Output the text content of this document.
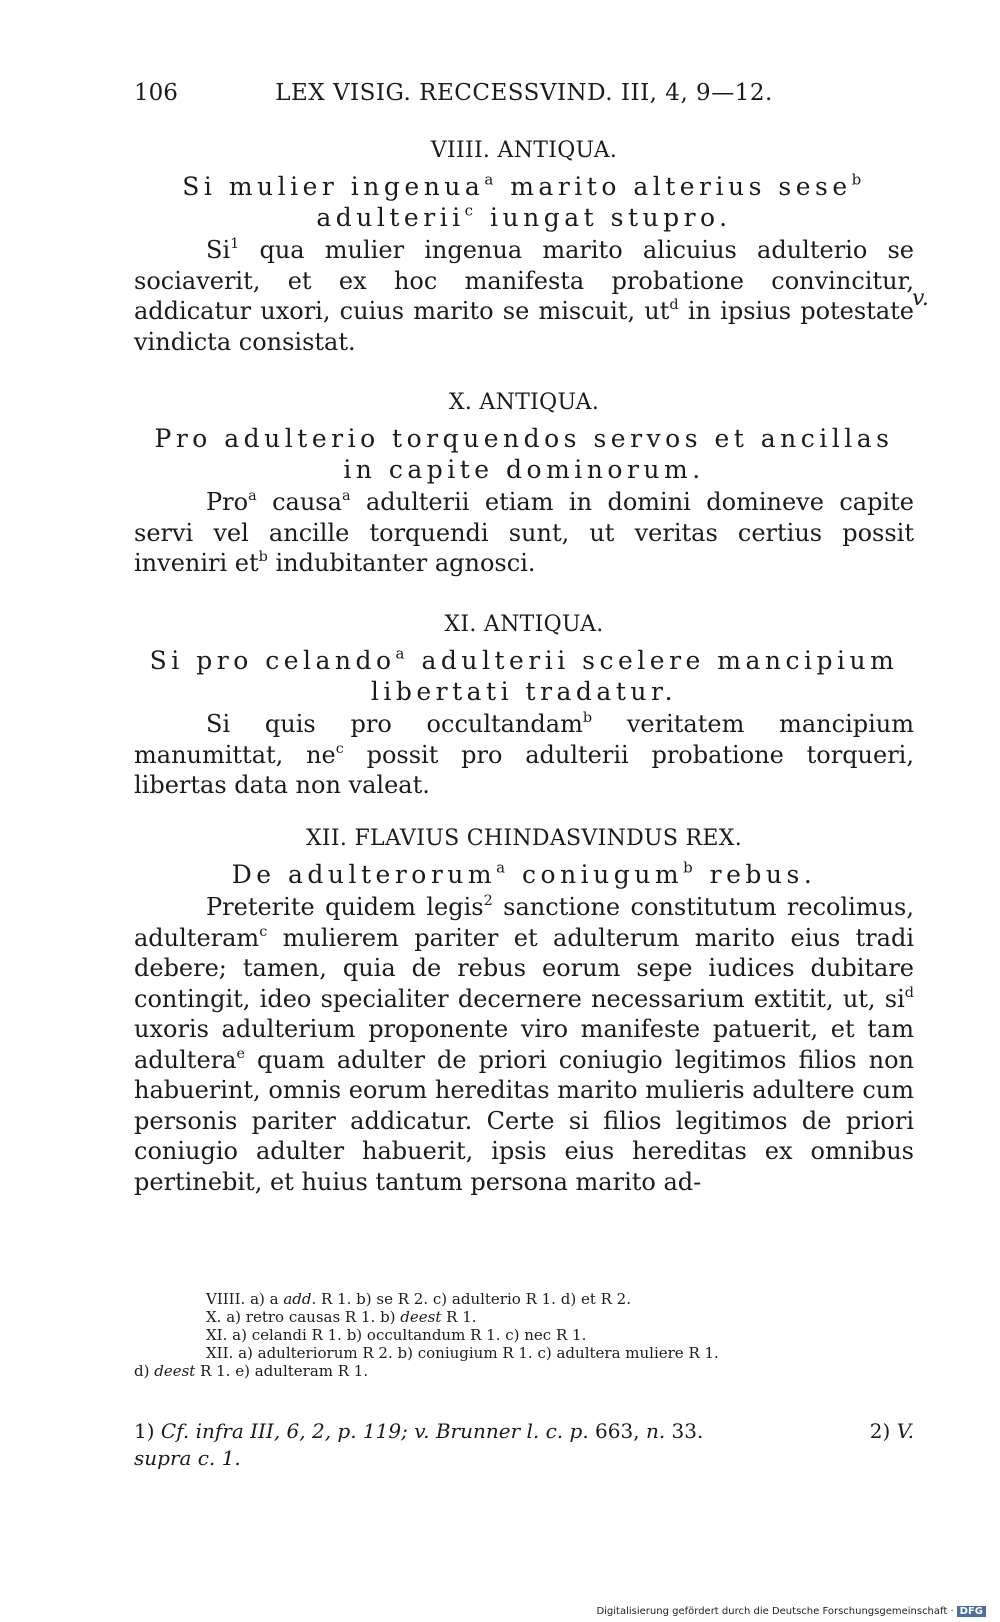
106	LEX VISIG. RECCESSVIND. III, 4, 9—12.

VIIII. ANTIQUA.

Si mulier ingenua$^a$ marito alterius sese$^b$
adulterii$^c$ iungat stupro.

Si$^1$ qua mulier ingenua marito alicuius adulterio se sociaverit, et ex hoc manifesta probatione convincitur, addicatur uxori, cuius marito se miscuit, $ut^d$ in ipsius potestate vindicta consistat.

v.

X. ANTIQUA.

Pro adulterio torquendos servos et ancillas
in capite dominorum.

Pro$^a$ causa$^a$ adulterii etiam in domini domineve capite servi vel ancille torquendi sunt, ut veritas certius possit inveniri $et^b$ indubitanter agnosci.

XI. ANTIQUA.

Si pro celando$^a$ adulterii scelere mancipium
libertati tradatur.

Si quis pro occultandam$^b$ veritatem mancipium manumittat, $ne^c$ possit pro adulterii probatione torqueri, libertas data non valeat.

XII. FLAVIUS CHINDASVINDUS REX.

De adulterorum$^a$ coniugum$^b$ rebus.

Preterite quidem legis$^2$ sanctione constitutum recolimus, adulteram$^c$ mulierem pariter et adulterum marito eius tradi debere; tamen, quia de rebus eorum sepe iudices dubitare contingit, ideo specialiter decernere necessarium extitit, ut, $si^d$ uxoris adulterium proponente viro manifeste patuerit, et tam adultera$^e$ quam adulter de priori coniugio legitimos filios non habuerint, omnis eorum hereditas marito mulieris adultere cum personis pariter addicatur. Certe si filios legitimos de priori coniugio adulter habuerit, ipsis eius hereditas ex omnibus pertinebit, et huius tantum persona marito ad-

VIIII. a) a add. R 1. b) se R 2. c) adulterio R 1. d) et R 2.
X. a) retro causas R 1. b) deest R 1.
XI. a) celandi R 1. b) occultandum R 1. c) nec R 1.
XII. a) adulteriorum R 2. b) coniugium R 1. c) adultera muliere R 1.
d) deest R 1. e) adulteram R 1.
1) Cf. infra III, 6, 2, p. 119; v. Brunner l. c. p. 663, n. 33.	2) V.
supra c. 1.
Digitalisierung gefördert durch die Deutsche Forschungsgemeinschaft · DFG
